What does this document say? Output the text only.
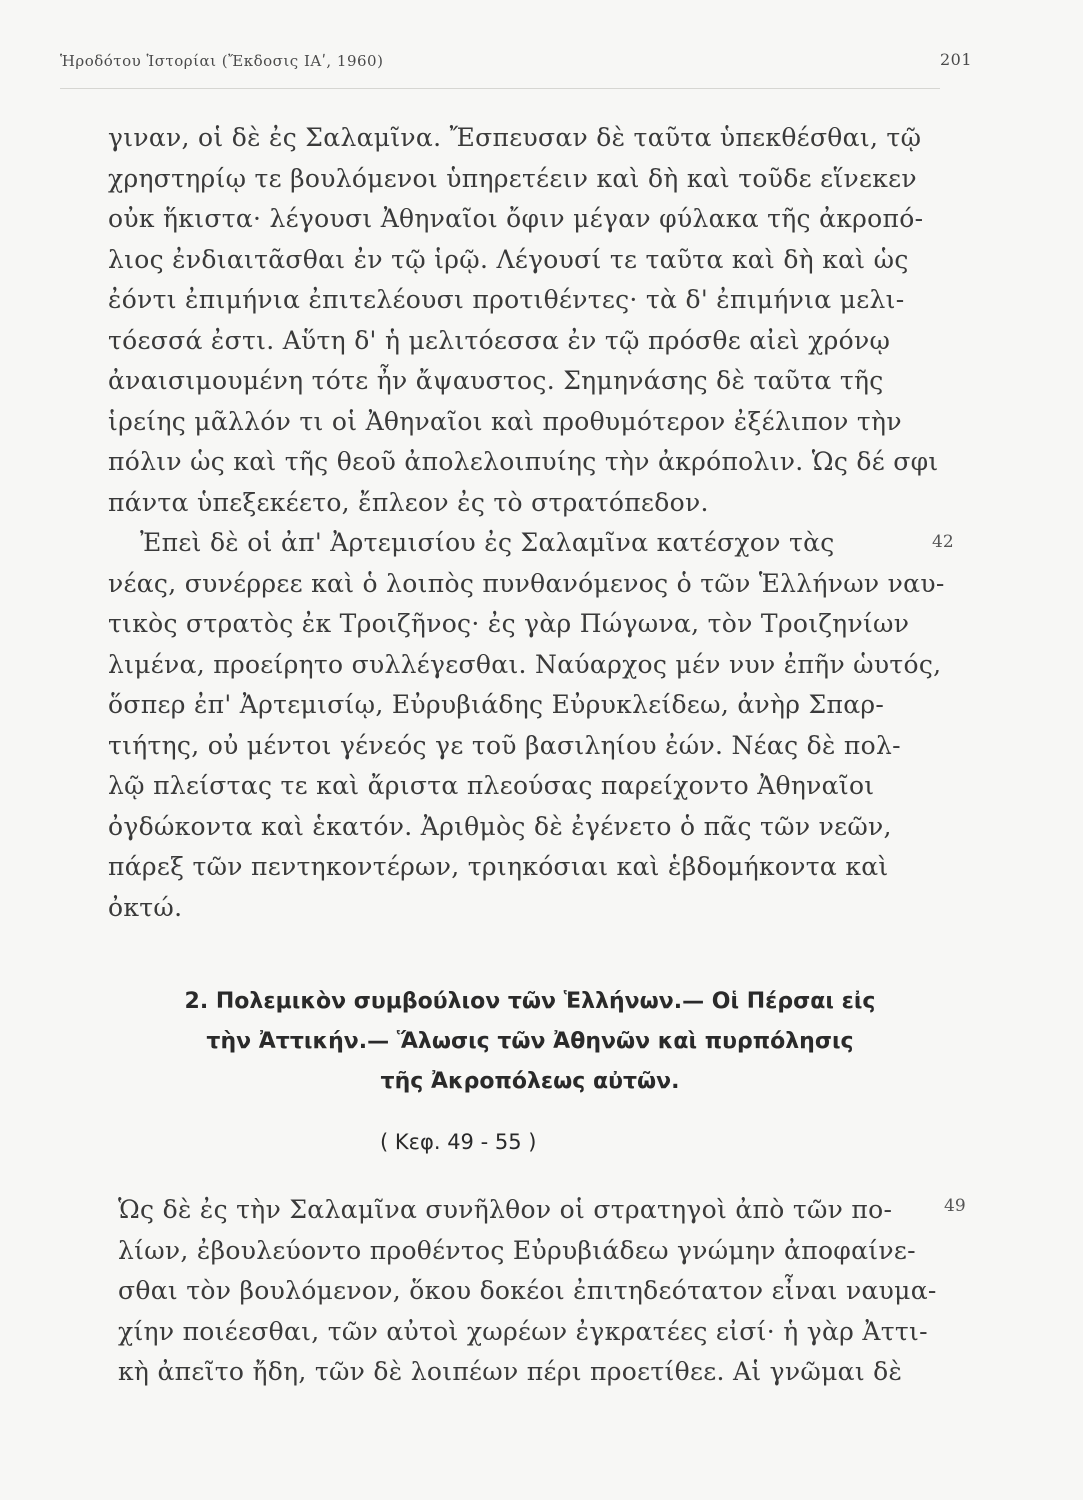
Ἡροδότου Ἱστορίαι (Ἔκδοσις ΙΑʹ, 1960)	201
γιναν, οἱ δὲ ἐς Σαλαμῖνα. Ἔσπευσαν δὲ ταῦτα ὑπεκθέσθαι, τῷ
χρηστηρίῳ τε βουλόμενοι ὑπηρετέειν καὶ δὴ καὶ τοῦδε εἵνεκεν
οὐκ ἥκιστα· λέγουσι Ἀθηναῖοι ὄφιν μέγαν φύλακα τῆς ἀκροπό-
λιος ἐνδιαιτᾶσθαι ἐν τῷ ἱρῷ. Λέγουσί τε ταῦτα καὶ δὴ καὶ ὡς
ἐόντι ἐπιμήνια ἐπιτελέουσι προτιθέντες· τὰ δ' ἐπιμήνια μελι-
τόεσσά ἐστι. Αὕτη δ' ἡ μελιτόεσσα ἐν τῷ πρόσθε αἰεὶ χρόνῳ
ἀναισιμουμένη τότε ἦν ἄψαυστος. Σημηνάσης δὲ ταῦτα τῆς
ἱρείης μᾶλλόν τι οἱ Ἀθηναῖοι καὶ προθυμότερον ἐξέλιπον τὴν
πόλιν ὡς καὶ τῆς θεοῦ ἀπολελοιπυίης τὴν ἀκρόπολιν. Ὡς δέ σφι
πάντα ὑπεξεκέετο, ἔπλεον ἐς τὸ στρατόπεδον.
Ἐπεὶ δὲ οἱ ἀπ' Ἀρτεμισίου ἐς Σαλαμῖνα κατέσχον τὰς
νέας, συνέρρεε καὶ ὁ λοιπὸς πυνθανόμενος ὁ τῶν Ἑλλήνων ναυ-
τικὸς στρατὸς ἐκ Τροιζῆνος· ἐς γὰρ Πώγωνα, τὸν Τροιζηνίων
λιμένα, προείρητο συλλέγεσθαι. Ναύαρχος μέν νυν ἐπῆν ὡυτός,
ὅσπερ ἐπ' Ἀρτεμισίῳ, Εὐρυβιάδης Εὐρυκλείδεω, ἀνὴρ Σπαρ-
τιήτης, οὐ μέντοι γένεός γε τοῦ βασιληίου ἐών. Νέας δὲ πολ-
λῷ πλείστας τε καὶ ἄριστα πλεούσας παρείχοντο Ἀθηναῖοι
ὀγδώκοντα καὶ ἑκατόν. Ἀριθμὸς δὲ ἐγένετο ὁ πᾶς τῶν νεῶν,
πάρεξ τῶν πεντηκοντέρων, τριηκόσιαι καὶ ἑβδομήκοντα καὶ
ὀκτώ.
42
2. Πολεμικὸν συμβούλιον τῶν Ἑλλήνων.— Οἱ Πέρσαι εἰς
τὴν Ἀττικήν.— Ἅλωσις τῶν Ἀθηνῶν καὶ πυρπόλησις
τῆς Ἀκροπόλεως αὐτῶν.
( Κεφ. 49 - 55 )
Ὡς δὲ ἐς τὴν Σαλαμῖνα συνῆλθον οἱ στρατηγοὶ ἀπὸ τῶν πο-
λίων, ἐβουλεύοντο προθέντος Εὐρυβιάδεω γνώμην ἀποφαίνε-
σθαι τὸν βουλόμενον, ὅκου δοκέοι ἐπιτηδεότατον εἶναι ναυμα-
χίην ποιέεσθαι, τῶν αὐτοὶ χωρέων ἐγκρατέες εἰσί· ἡ γὰρ Ἀττι-
κὴ ἀπεῖτο ἤδη, τῶν δὲ λοιπέων πέρι προετίθεε. Αἱ γνῶμαι δὲ
49
